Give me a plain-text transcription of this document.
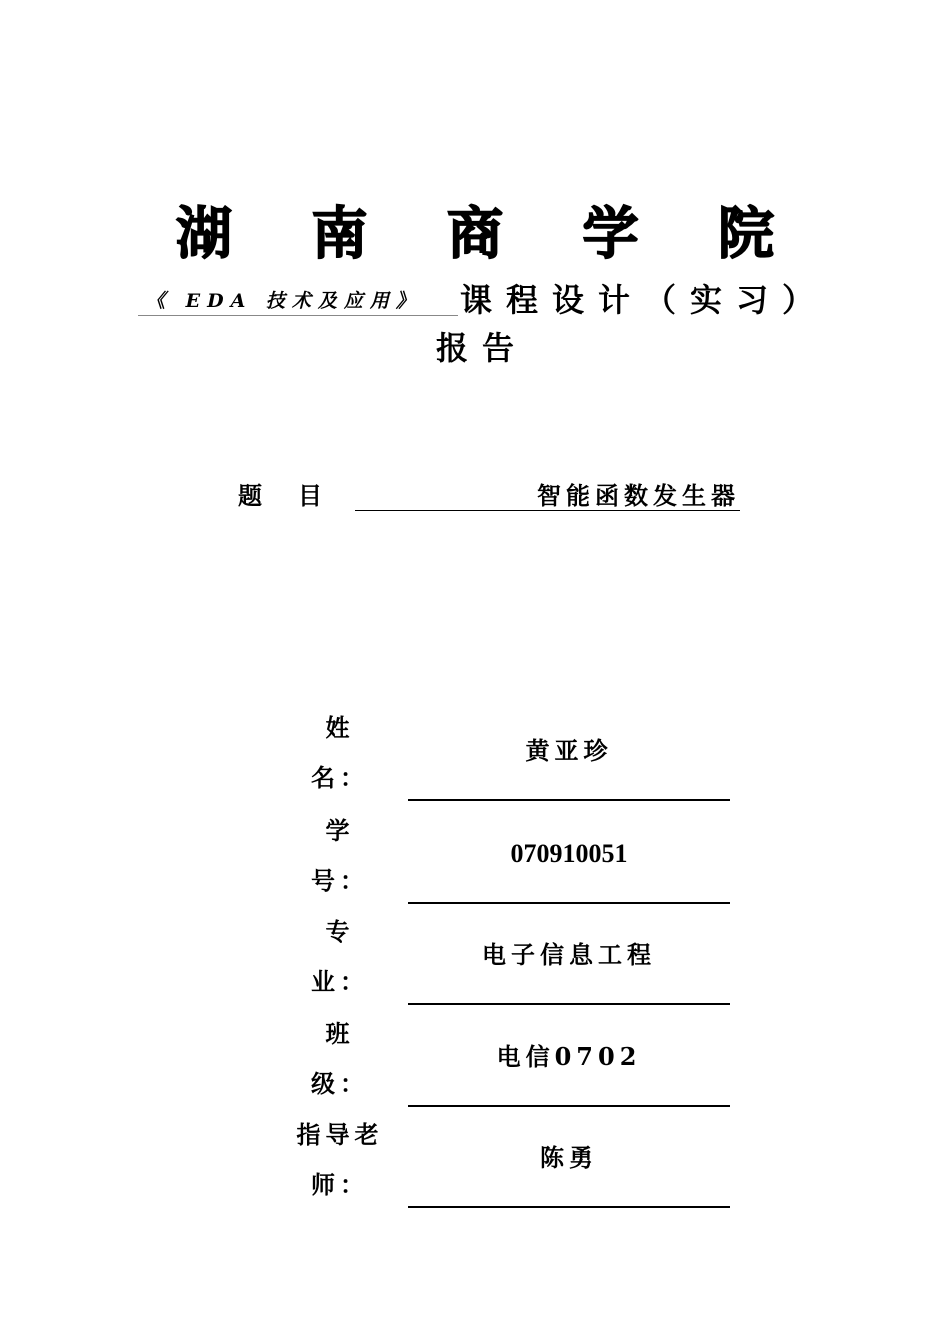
湖 南 商 学 院
《 EDA 技术及应用》	课程设计（实习）
报告
题目	智能函数发生器
姓
名：
黄亚珍
学
号：
070910051
专
业：
电子信息工程
班
级：
电信0702
指导老
师：
陈勇
